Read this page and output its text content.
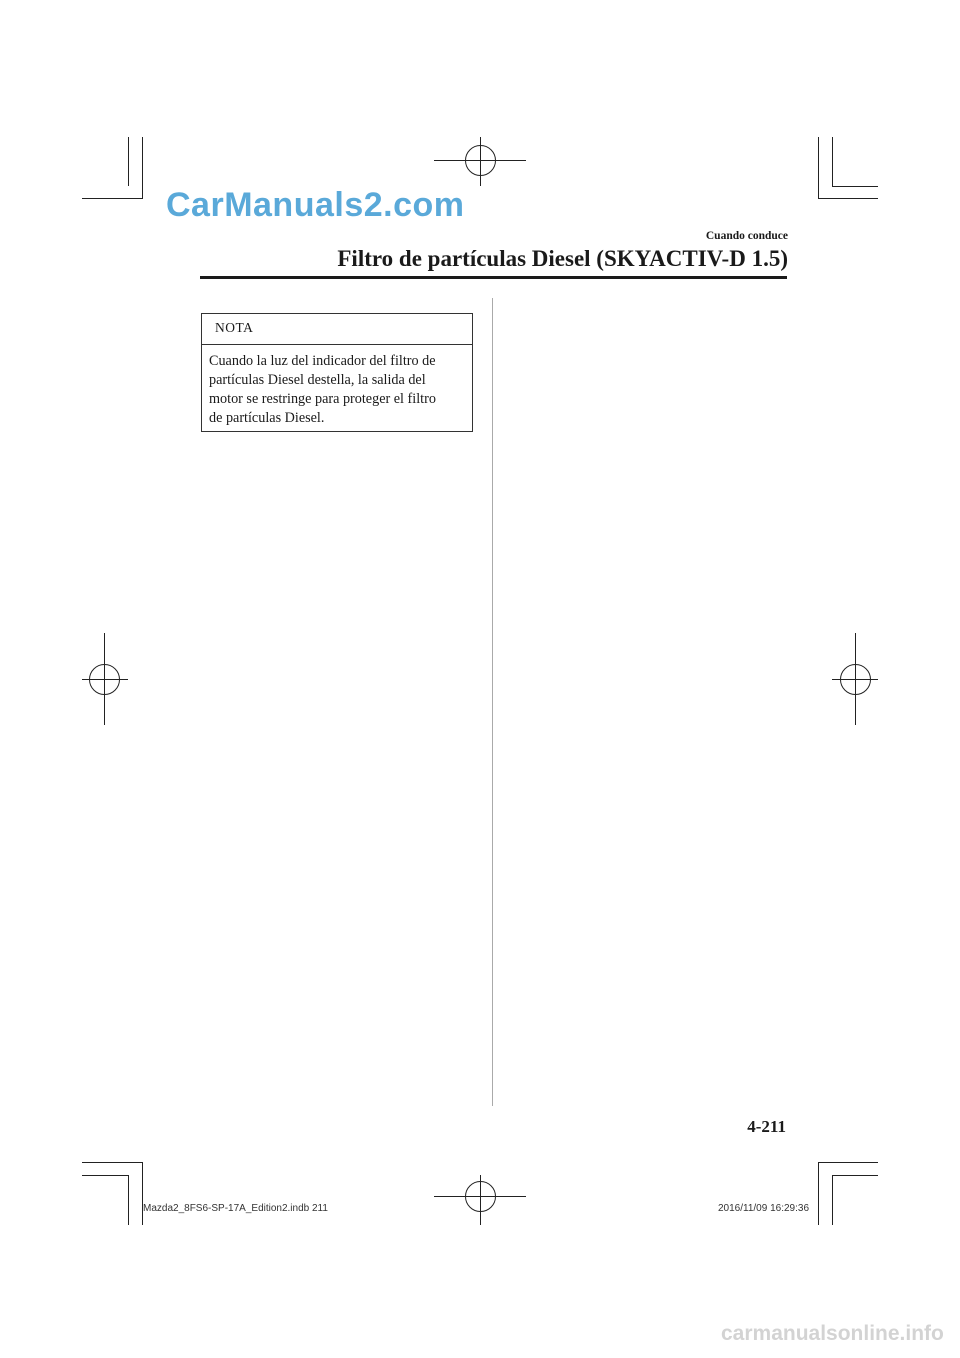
CarManuals2.com
Cuando conduce
Filtro de partículas Diesel (SKYACTIV-D 1.5)
NOTA
Cuando la luz del indicador del filtro de
partículas Diesel destella, la salida del
motor se restringe para proteger el filtro
de partículas Diesel.
4-211
Mazda2_8FS6-SP-17A_Edition2.indb 211	2016/11/09 16:29:36
carmanualsonline.info
